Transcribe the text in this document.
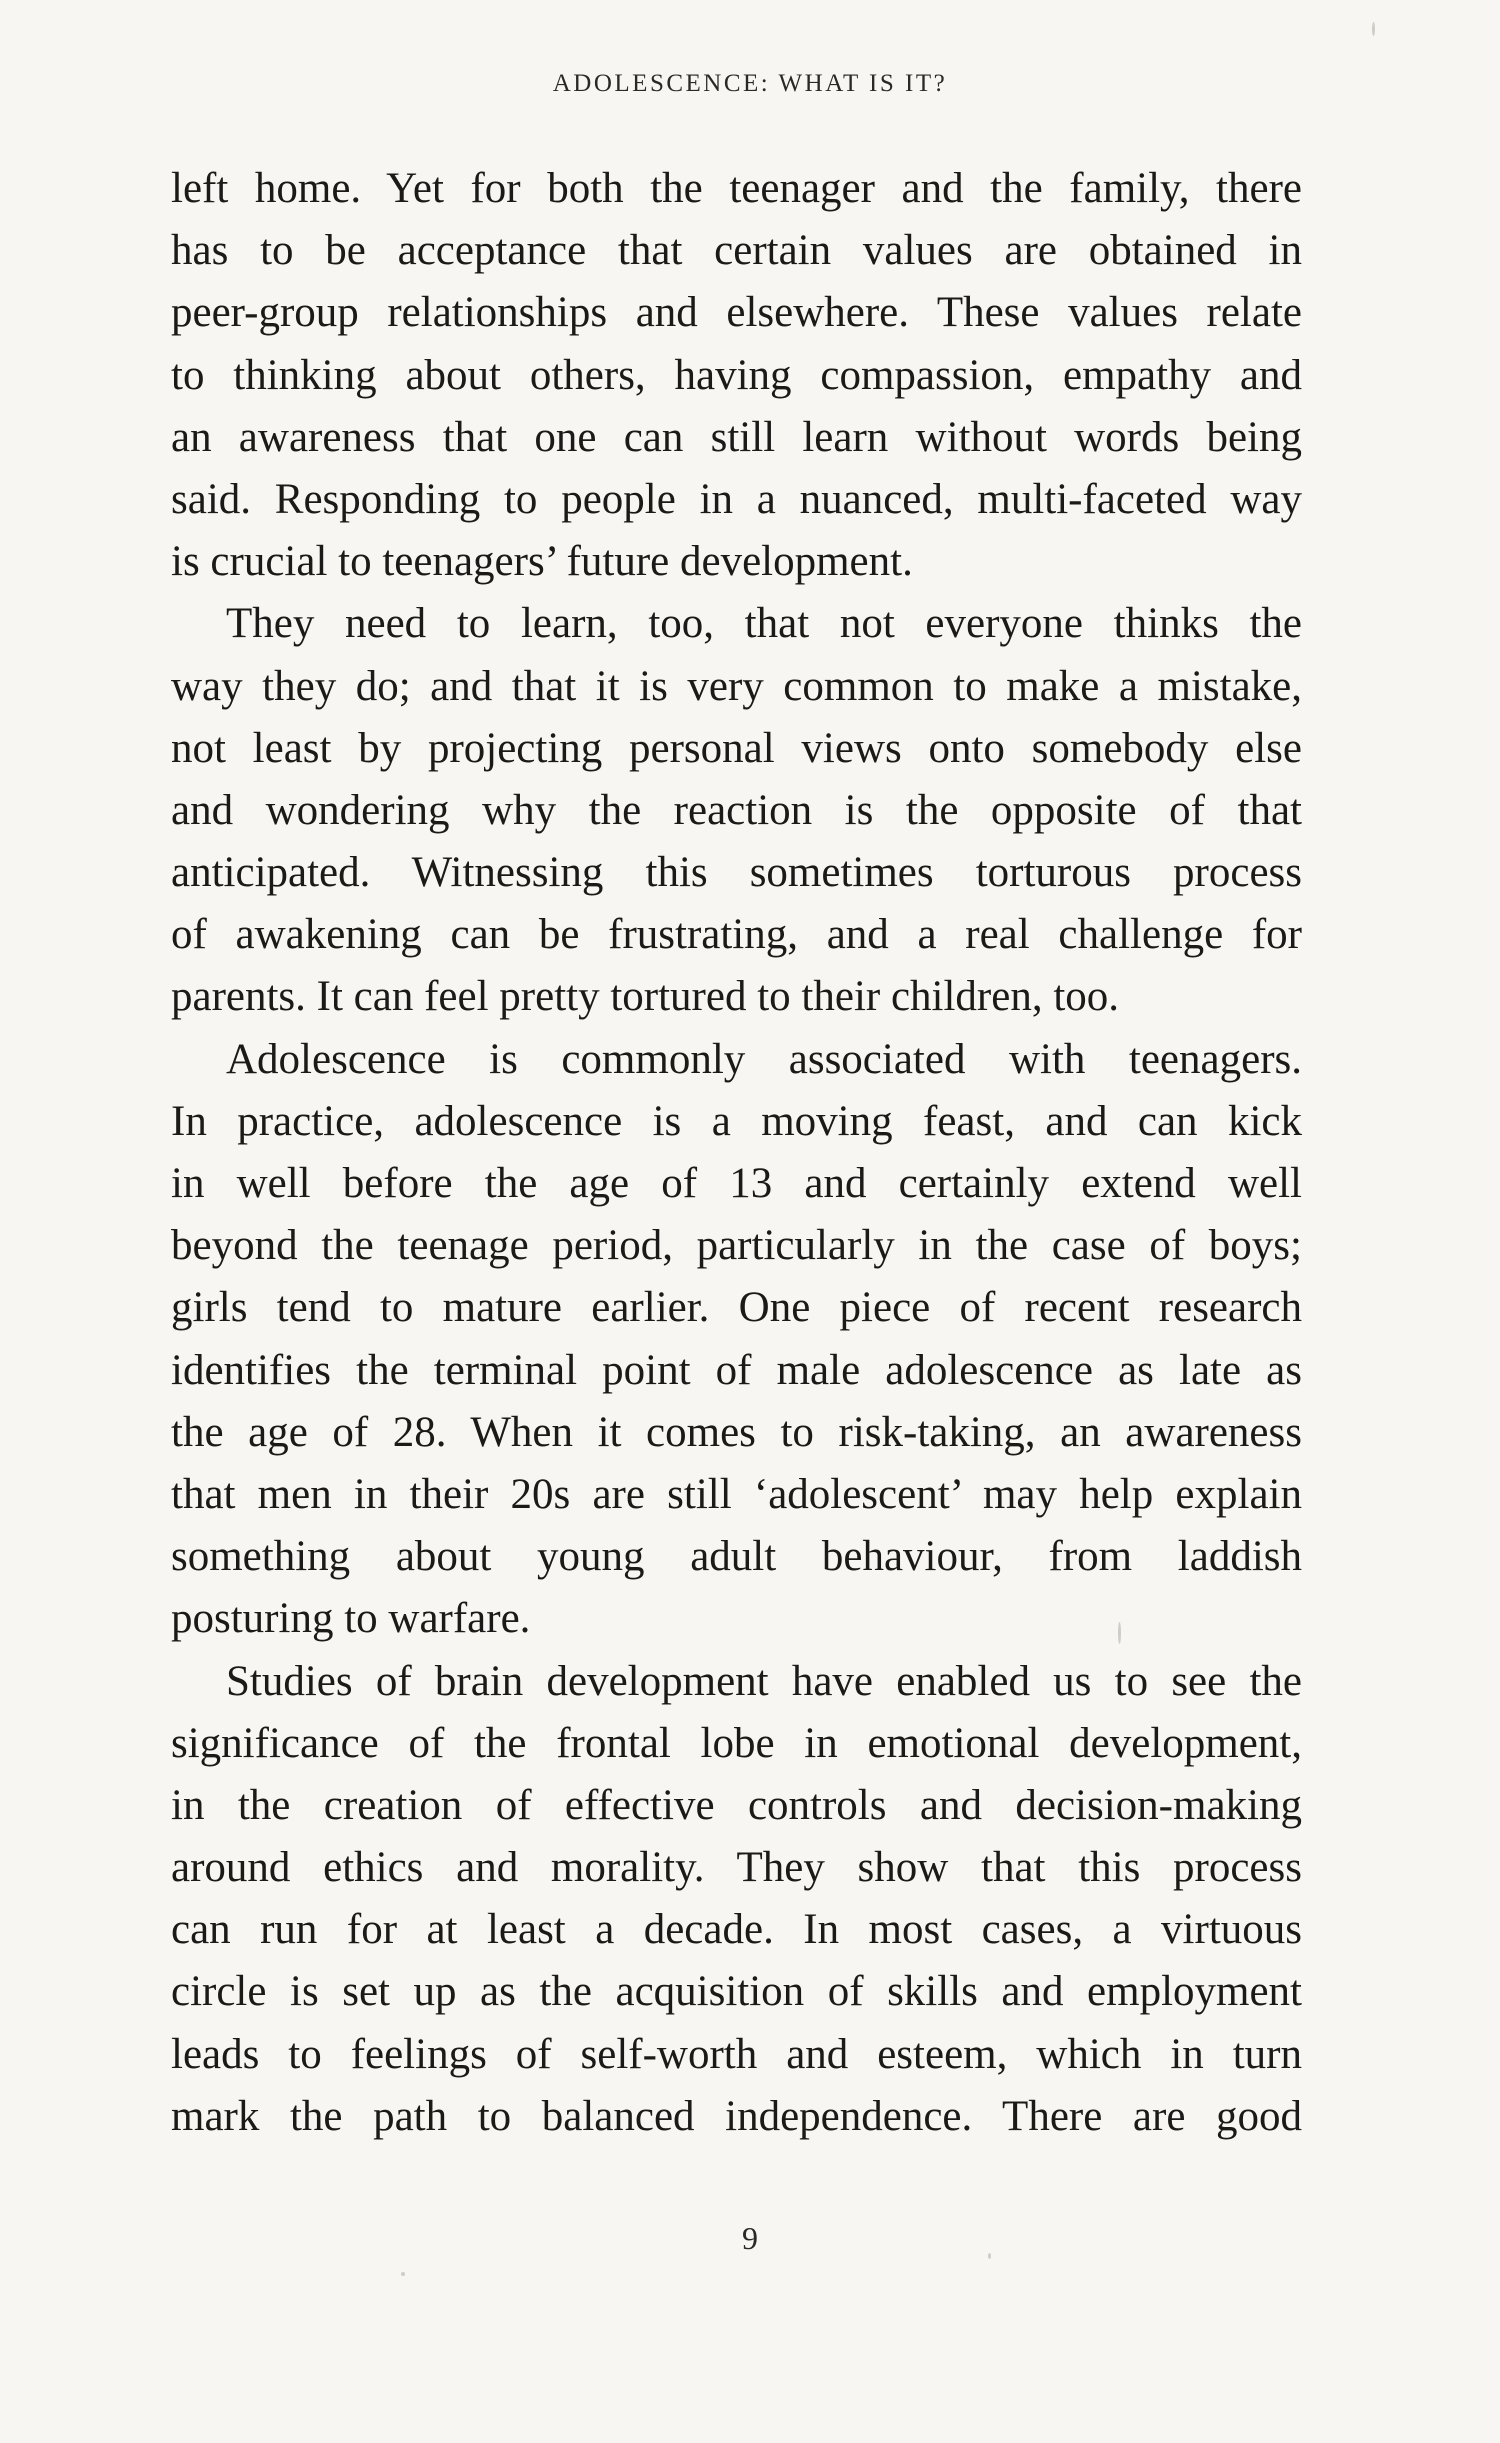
ADOLESCENCE: WHAT IS IT?
left home. Yet for both the teenager and the family, there
has to be acceptance that certain values are obtained in
peer-group relationships and elsewhere. These values relate
to thinking about others, having compassion, empathy and
an awareness that one can still learn without words being
said. Responding to people in a nuanced, multi-faceted way
is crucial to teenagers’ future development.
They need to learn, too, that not everyone thinks the
way they do; and that it is very common to make a mistake,
not least by projecting personal views onto somebody else
and wondering why the reaction is the opposite of that
anticipated. Witnessing this sometimes torturous process
of awakening can be frustrating, and a real challenge for
parents. It can feel pretty tortured to their children, too.
Adolescence is commonly associated with teenagers.
In practice, adolescence is a moving feast, and can kick
in well before the age of 13 and certainly extend well
beyond the teenage period, particularly in the case of boys;
girls tend to mature earlier. One piece of recent research
identifies the terminal point of male adolescence as late as
the age of 28. When it comes to risk-taking, an awareness
that men in their 20s are still ‘adolescent’ may help explain
something about young adult behaviour, from laddish
posturing to warfare.
Studies of brain development have enabled us to see the
significance of the frontal lobe in emotional development,
in the creation of effective controls and decision-making
around ethics and morality. They show that this process
can run for at least a decade. In most cases, a virtuous
circle is set up as the acquisition of skills and employment
leads to feelings of self-worth and esteem, which in turn
mark the path to balanced independence. There are good
9
